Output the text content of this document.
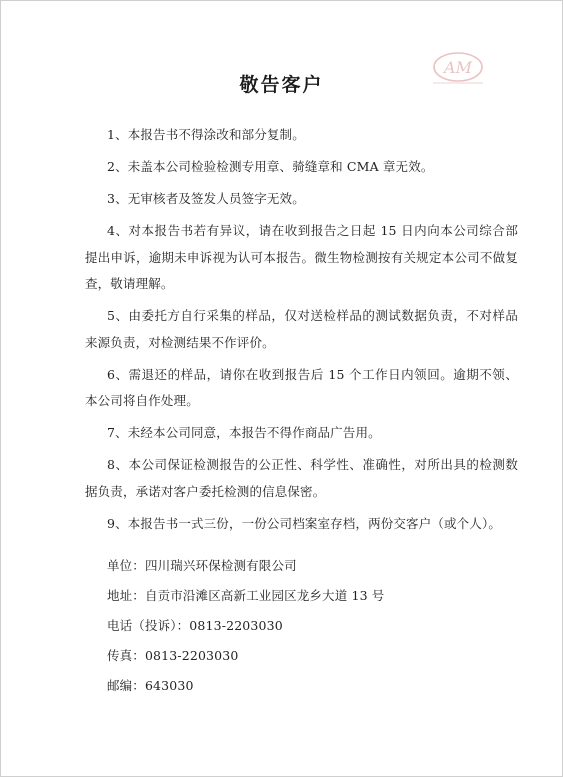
AM
敬告客户
1、本报告书不得涂改和部分复制。
2、未盖本公司检验检测专用章、骑缝章和 CMA 章无效。
3、无审核者及签发人员签字无效。
4、对本报告书若有异议，请在收到报告之日起 15 日内向本公司综合部提出申诉，逾期未申诉视为认可本报告。微生物检测按有关规定本公司不做复查，敬请理解。
5、由委托方自行采集的样品，仅对送检样品的测试数据负责，不对样品来源负责，对检测结果不作评价。
6、需退还的样品，请你在收到报告后 15 个工作日内领回。逾期不领、本公司将自作处理。
7、未经本公司同意，本报告不得作商品广告用。
8、本公司保证检测报告的公正性、科学性、准确性，对所出具的检测数据负责，承诺对客户委托检测的信息保密。
9、本报告书一式三份，一份公司档案室存档，两份交客户（或个人）。
单位：四川瑞兴环保检测有限公司
地址：自贡市沿滩区高新工业园区龙乡大道 13 号
电话（投诉）：0813-2203030
传真：0813-2203030
邮编：643030
